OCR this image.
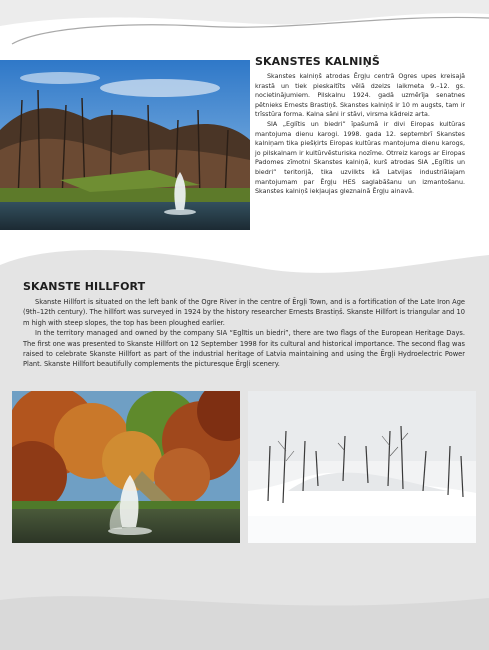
SKANSTES KALNIŅŠ

Skanstes kalniņš atrodas Ērgļu centrā Ogres upes kreisajā krastā un tiek pieskaitīts vēlā dzelzs laikmeta 9.–12. gs. nocietinājumiem. Pilskalnu 1924. gadā uzmērīja senatnes pētnieks Ernests Brastiņš. Skanstes kalniņš ir 10 m augsts, tam ir trīsstūra forma. Kalna sāni ir stāvi, virsma kādreiz arta.

SIA „Eglītis un biedri” īpašumā ir divi Eiropas kultūras mantojuma dienu karogi. 1998. gada 12. septembrī Skanstes kalniņam tika piešķirts Eiropas kultūras mantojuma dienu karogs, jo pilskalnam ir kultūrvēsturiska nozīme. Otrreiz karogs ar Eiropas Padomes zīmotni Skanstes kalniņā, kurš atrodas SIA „Eglītis un biedri” teritorijā, tika uzvilkts kā Latvijas industriālajam mantojumam par Ērgļu HES saglabāšanu un izmantošanu. Skanstes kalniņš iekļaujas gleznainā Ērgļu ainavā.

SKANSTE HILLFORT

Skanste Hillfort is situated on the left bank of the Ogre River in the centre of Ērgļi Town, and is a fortification of the Late Iron Age (9th–12th century). The hillfort was surveyed in 1924 by the history researcher Ernests Brastiņš. Skanste Hillfort is triangular and 10 m high with steep slopes, the top has been ploughed earlier.

In the territory managed and owned by the company SIA “Eglītis un biedri”, there are two flags of the European Heritage Days. The first one was presented to Skanste Hillfort on 12 September 1998 for its cultural and historical importance. The second flag was raised to celebrate Skanste Hillfort as part of the industrial heritage of Latvia maintaining and using the Ērgļi Hydroelectric Power Plant. Skanste Hillfort beautifully complements the picturesque Ērgļi scenery.
